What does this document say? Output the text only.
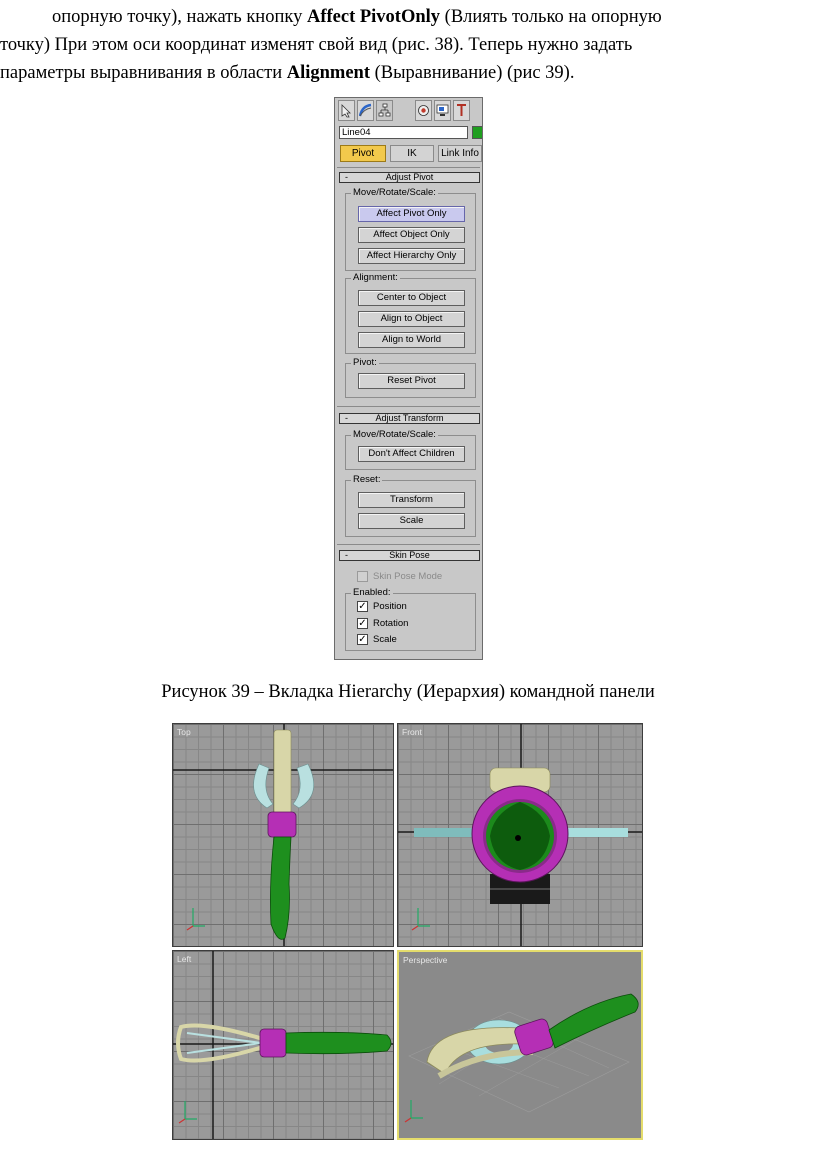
опорную точку), нажать кнопку Affect PivotOnly (Влиять только на опорную
точку) При этом оси координат изменят свой вид (рис. 38). Теперь нужно задать
параметры выравнивания в области Alignment (Выравнивание) (рис 39).
Line04
Pivot	IK	Link Info
-	Adjust Pivot
Move/Rotate/Scale:
Affect Pivot Only
Affect Object Only
Affect Hierarchy Only
Alignment:
Center to Object
Align to Object
Align to World
Pivot:
Reset Pivot
-	Adjust Transform
Move/Rotate/Scale:
Don't Affect Children
Reset:
Transform
Scale
-	Skin Pose
Skin Pose Mode
Enabled:
✓ Position
✓ Rotation
✓ Scale
Рисунок 39 – Вкладка Hierarchy (Иерархия) командной панели
Top	Front
Left	Perspective
